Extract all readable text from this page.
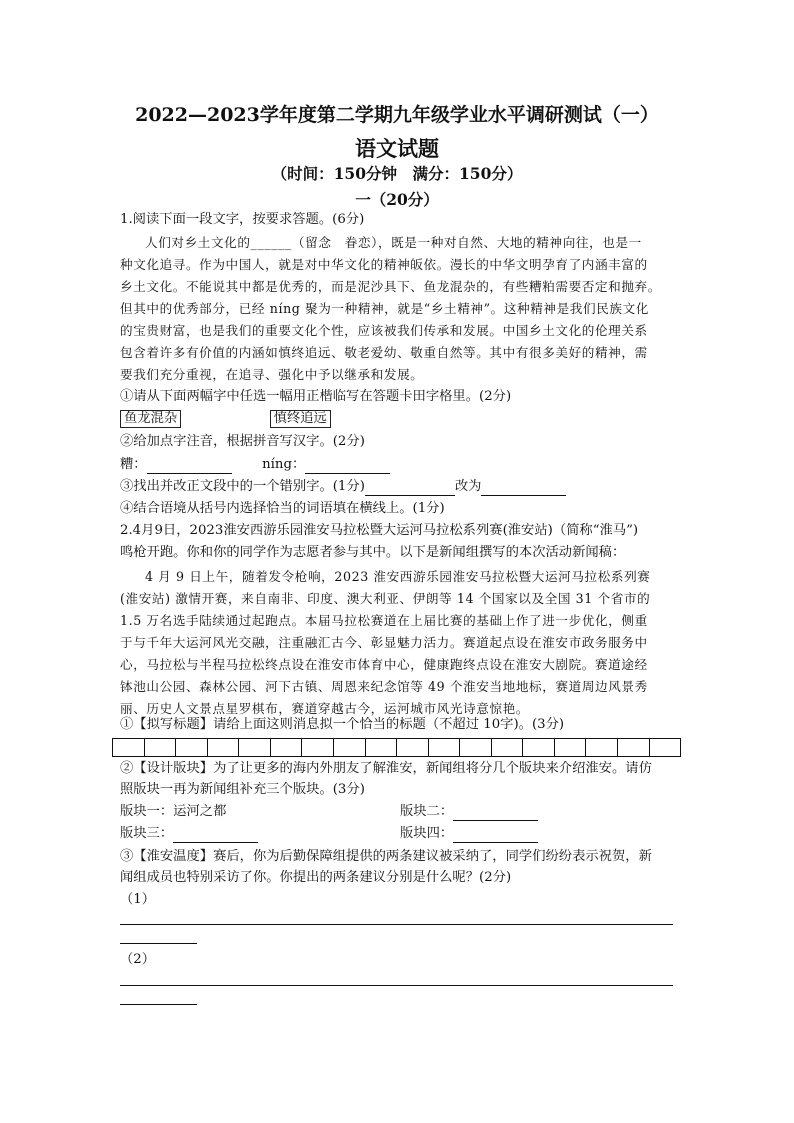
2022—2023学年度第二学期九年级学业水平调研测试（一）
语文试题
（时间：150分钟　满分：150分）
一（20分）
1.阅读下面一段文字，按要求答题。(6分)
人们对乡土文化的______（留念　眷恋），既是一种对自然、大地的精神向往，也是一
种文化追寻。作为中国人，就是对中华文化的精神皈依。漫长的中华文明孕育了内涵丰富的
乡土文化。不能说其中都是优秀的，而是泥沙具下、鱼龙混杂的，有些糟粕需要否定和抛弃。
但其中的优秀部分，已经 níng 聚为一种精神，就是“乡土精神”。这种精神是我们民族文化
的宝贵财富，也是我们的重要文化个性，应该被我们传承和发展。中国乡土文化的伦理关系
包含着许多有价值的内涵如慎终追远、敬老爱幼、敬重自然等。其中有很多美好的精神，需
要我们充分重视，在追寻、强化中予以继承和发展。
①请从下面两幅字中任选一幅用正楷临写在答题卡田字格里。(2分)
鱼龙混杂	慎终追远
②给加点字注音，根据拼音写汉字。(2分)
糟：	níng：
③找出并改正文段中的一个错别字。(1分)	改为
④结合语境从括号内选择恰当的词语填在横线上。(1分)
2.4月9日，2023淮安西游乐园淮安马拉松暨大运河马拉松系列赛(淮安站)（简称“淮马”)
鸣枪开跑。你和你的同学作为志愿者参与其中。以下是新闻组撰写的本次活动新闻稿：
4 月 9 日上午，随着发令枪响，2023 淮安西游乐园淮安马拉松暨大运河马拉松系列赛
(淮安站) 激情开赛，来自南非、印度、澳大利亚、伊朗等 14 个国家以及全国 31 个省市的
1.5 万名选手陆续通过起跑点。本届马拉松赛道在上届比赛的基础上作了进一步优化，侧重
于与千年大运河风光交融，注重融汇古今、彰显魅力活力。赛道起点设在淮安市政务服务中
心，马拉松与半程马拉松终点设在淮安市体育中心，健康跑终点设在淮安大剧院。赛道途经
钵池山公园、森林公园、河下古镇、周恩来纪念馆等 49 个淮安当地地标，赛道周边风景秀
丽、历史人文景点星罗棋布，赛道穿越古今，运河城市风光诗意惊艳。
①【拟写标题】请给上面这则消息拟一个恰当的标题（不超过 10字)。(3分)
②【设计版块】为了让更多的海内外朋友了解淮安，新闻组将分几个版块来介绍淮安。请仿
照版块一再为新闻组补充三个版块。(3分)
版块一：运河之都	版块二：
版块三：	版块四：
③【淮安温度】赛后，你为后勤保障组提供的两条建议被采纳了，同学们纷纷表示祝贺，新
闻组成员也特别采访了你。你提出的两条建议分别是什么呢？(2分)
（1）
（2）
